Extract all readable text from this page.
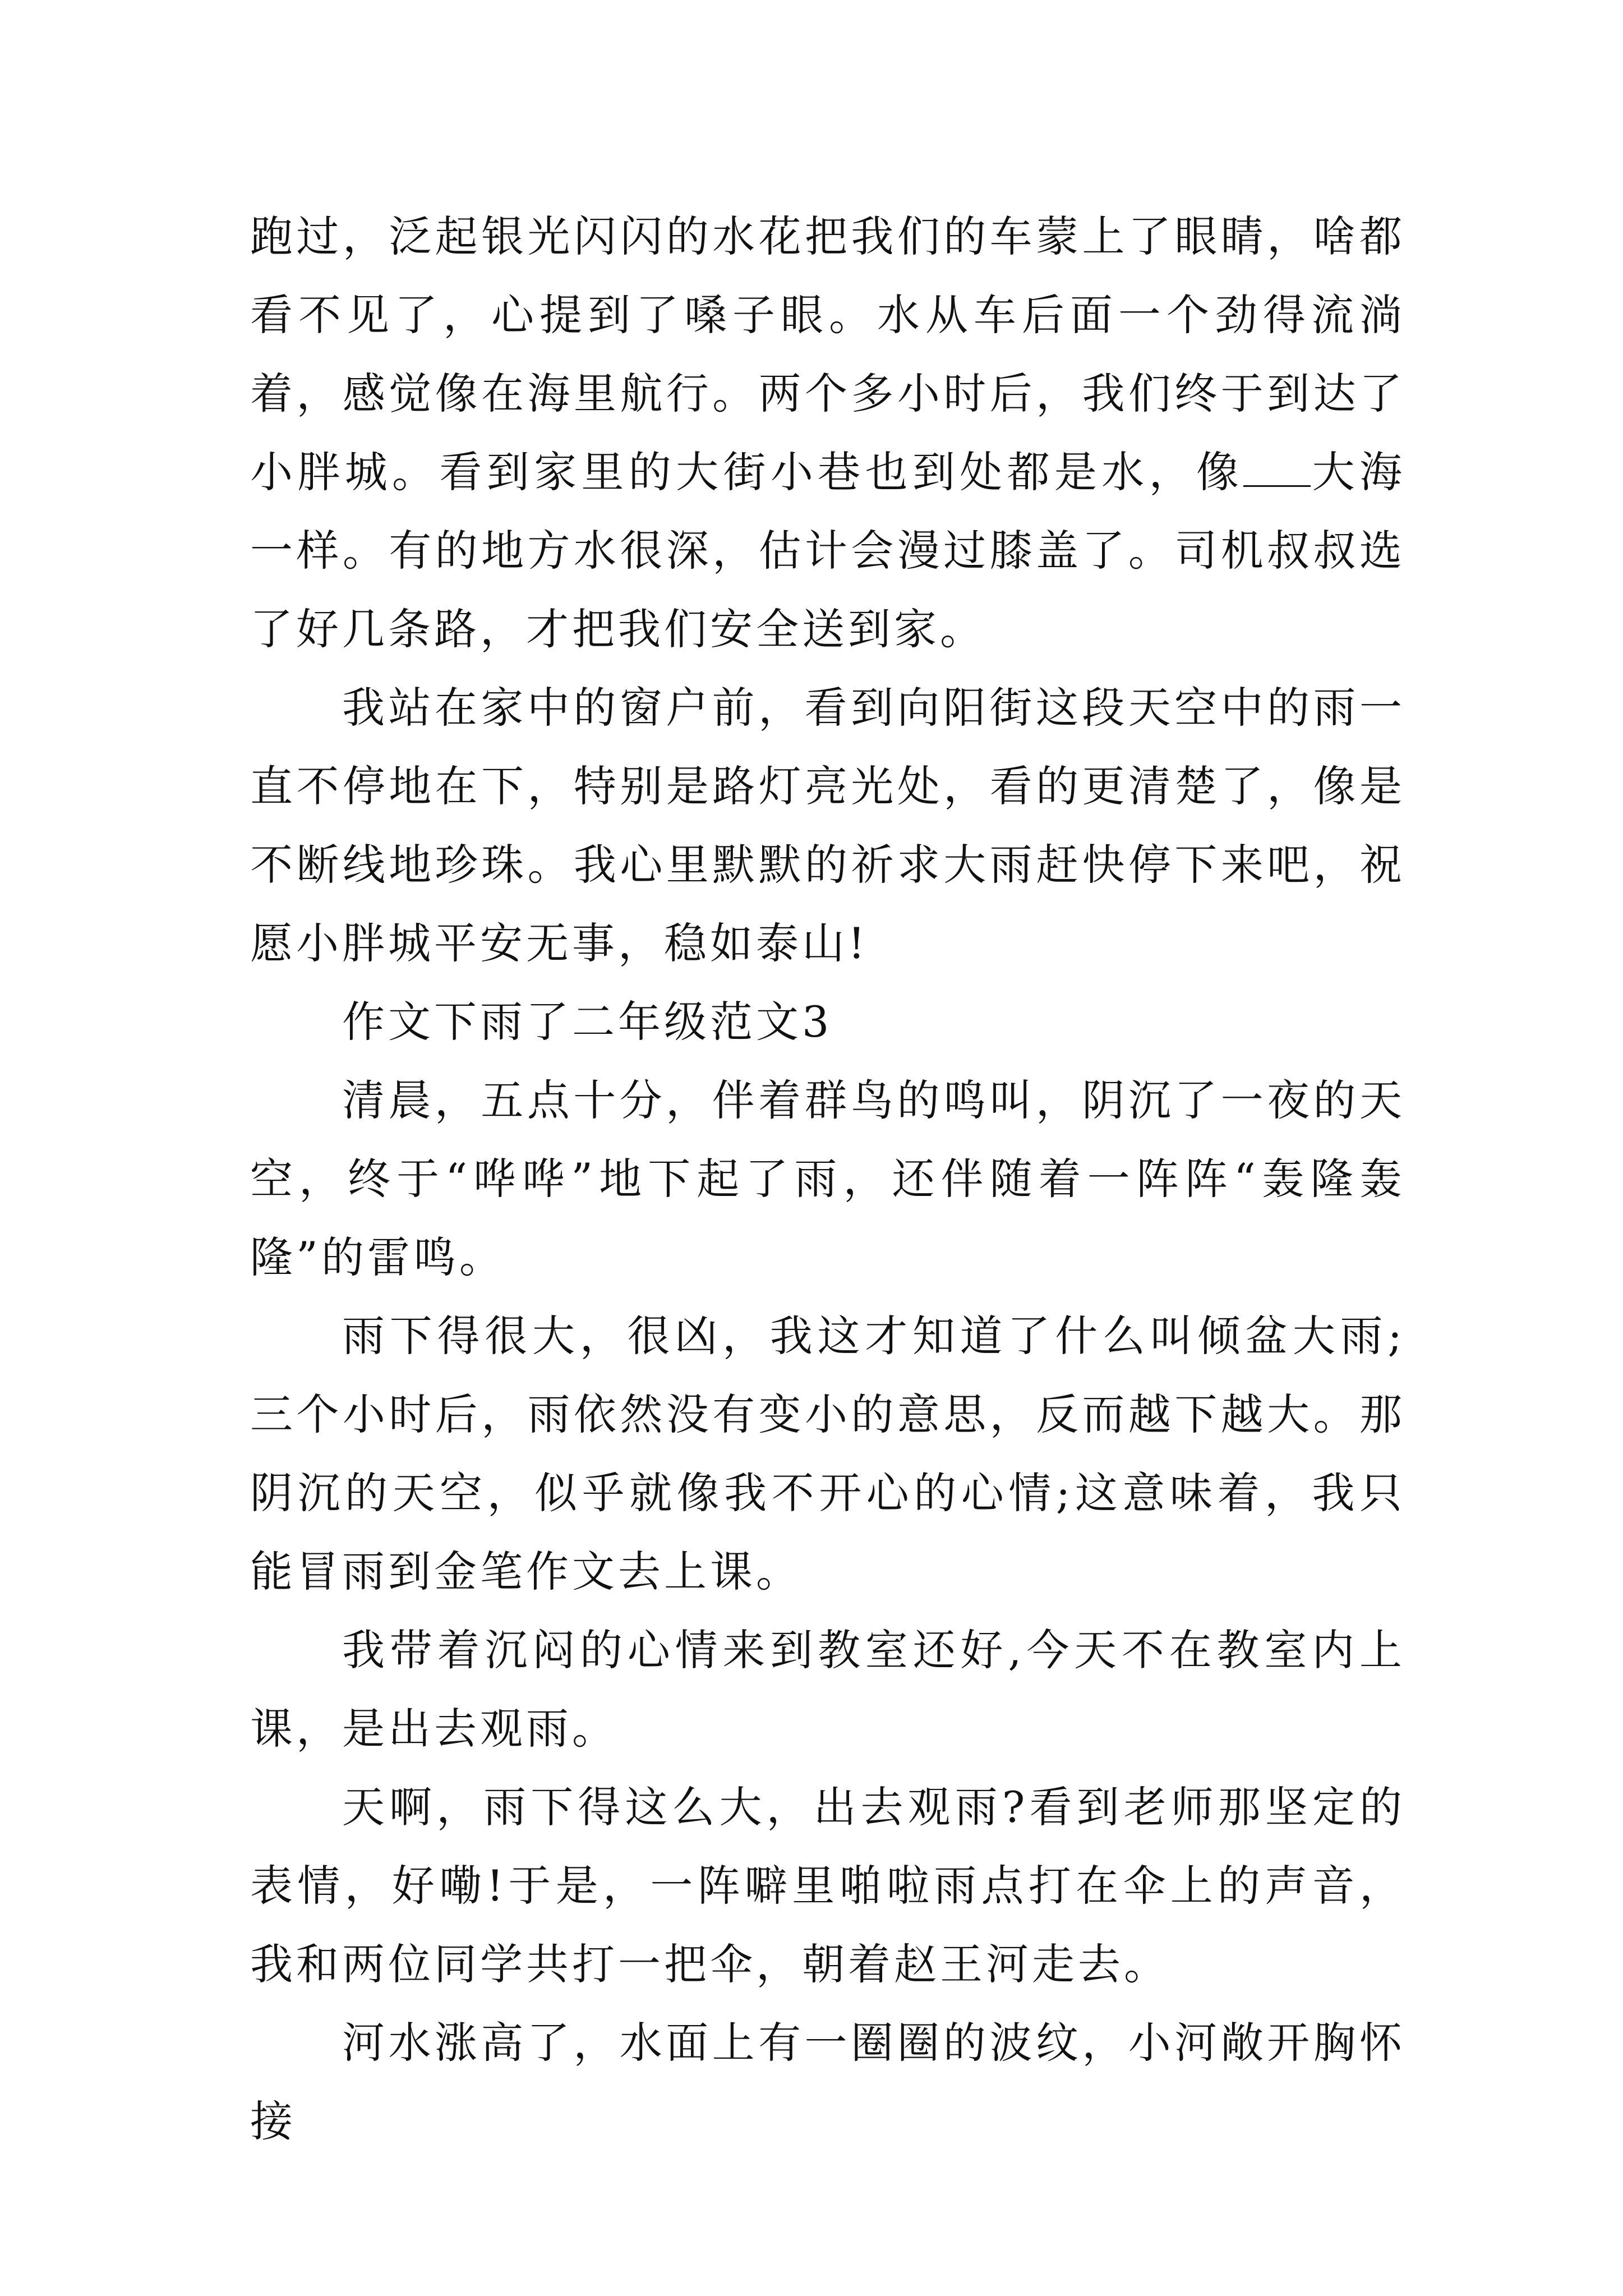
跑过，泛起银光闪闪的水花把我们的车蒙上了眼睛，啥都看不见了，心提到了嗓子眼。水从车后面一个劲得流淌着，感觉像在海里航行。两个多小时后，我们终于到达了小胖城。看到家里的大街小巷也到处都是水，像 大海一样。有的地方水很深，估计会漫过膝盖了。司机叔叔选了好几条路，才把我们安全送到家。

我站在家中的窗户前，看到向阳街这段天空中的雨一直不停地在下，特别是路灯亮光处，看的更清楚了，像是不断线地珍珠。我心里默默的祈求大雨赶快停下来吧，祝愿小胖城平安无事，稳如泰山!

作文下雨了二年级范文3

清晨，五点十分，伴着群鸟的鸣叫，阴沉了一夜的天空，终于“哗哗”地下起了雨，还伴随着一阵阵“轰隆轰隆”的雷鸣。

雨下得很大，很凶，我这才知道了什么叫倾盆大雨;三个小时后，雨依然没有变小的意思，反而越下越大。那阴沉的天空，似乎就像我不开心的心情;这意味着，我只能冒雨到金笔作文去上课。

我带着沉闷的心情来到教室还好,今天不在教室内上课，是出去观雨。

天啊，雨下得这么大，出去观雨?看到老师那坚定的表情，好嘞!于是，一阵噼里啪啦雨点打在伞上的声音，我和两位同学共打一把伞，朝着赵王河走去。

河水涨高了，水面上有一圈圈的波纹，小河敞开胸怀接
